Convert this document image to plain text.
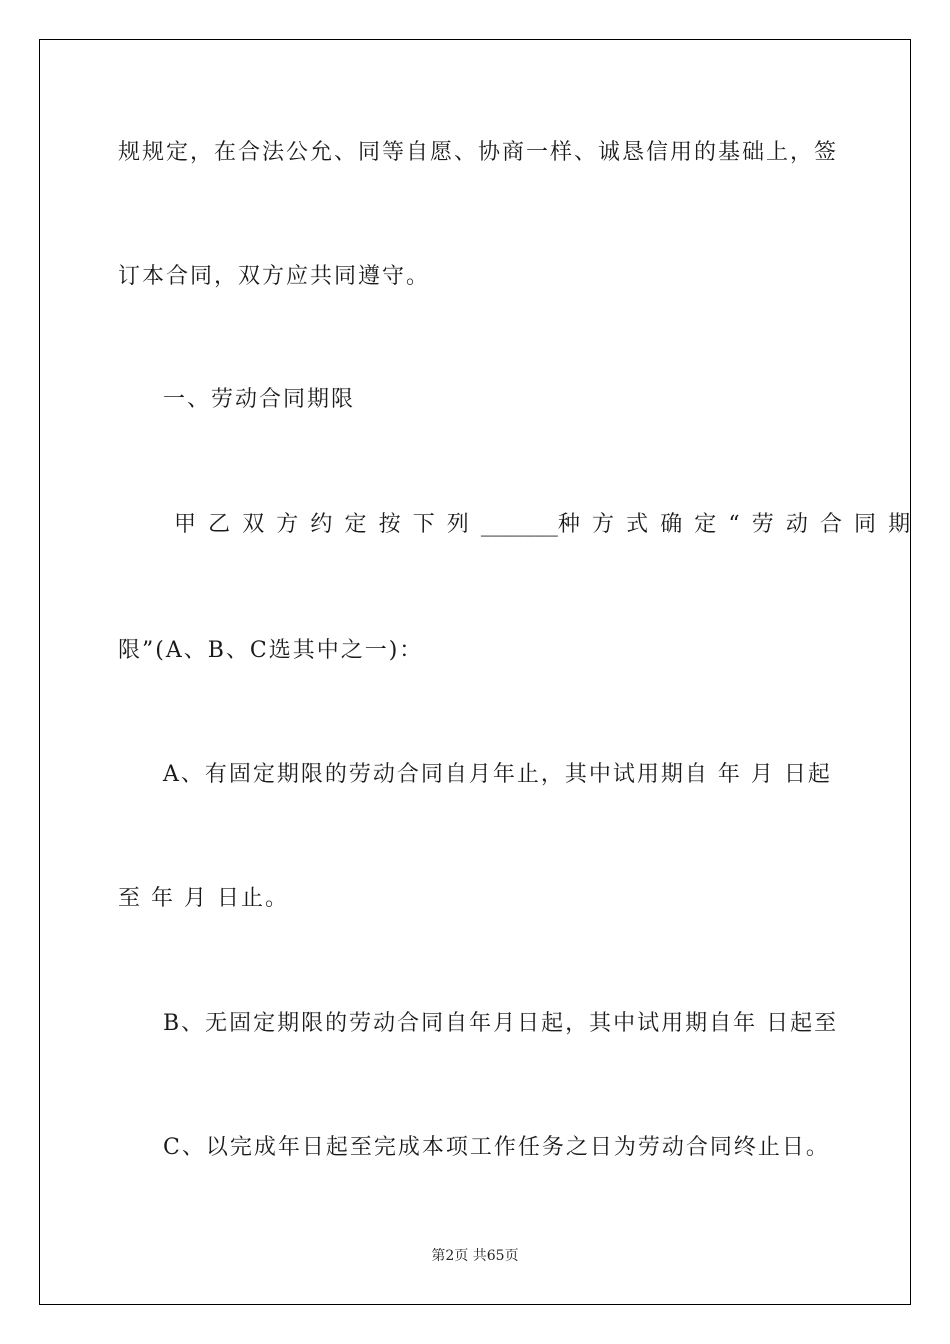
规规定，在合法公允、同等自愿、协商一样、诚恳信用的基础上，签
订本合同，双方应共同遵守。
一、劳动合同期限
甲乙双方约定按下列 ____ ___ 种方式确定“劳动合同期
限”(A、B、C选其中之一)：
A、有固定期限的劳动合同自月年止，其中试用期自 年 月 日起
至 年 月 日止。
B、无固定期限的劳动合同自年月日起，其中试用期自年 日起至
C、以完成年日起至完成本项工作任务之日为劳动合同终止日。
第2页 共65页
